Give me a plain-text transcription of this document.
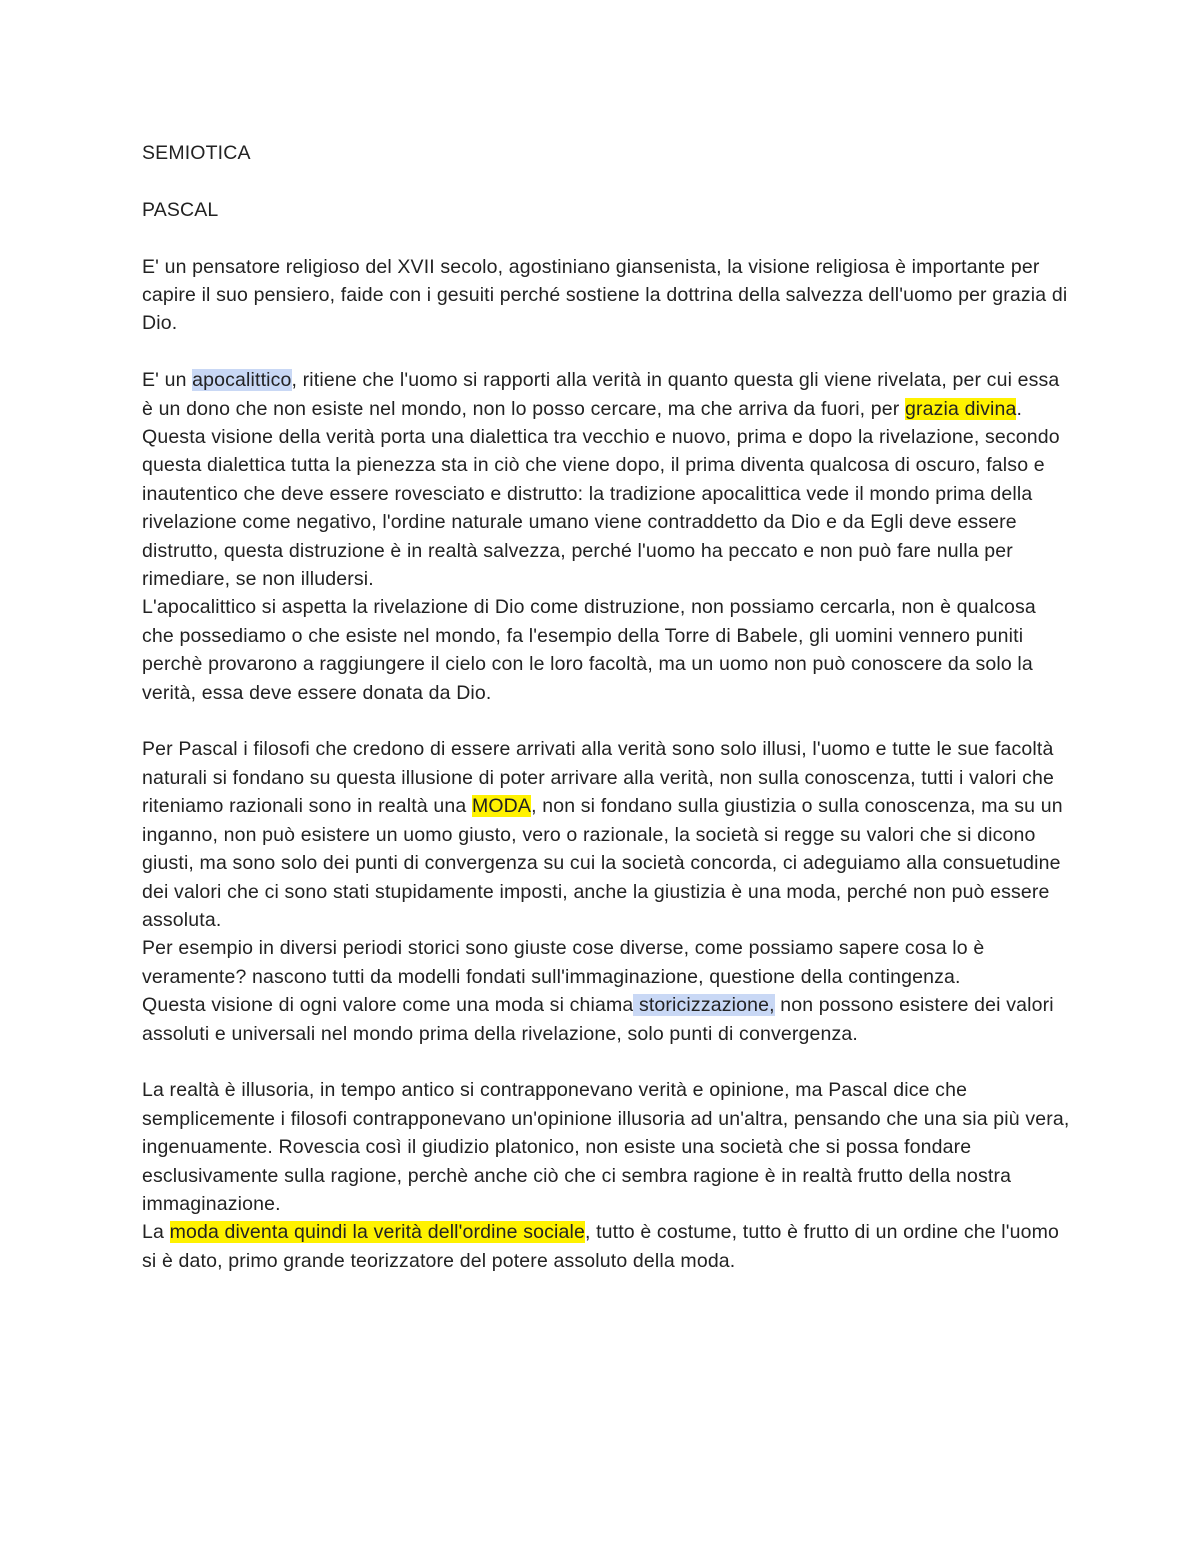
SEMIOTICA
PASCAL

E' un pensatore religioso del XVII secolo, agostiniano giansenista, la visione religiosa è importante per capire il suo pensiero, faide con i gesuiti perché sostiene la dottrina della salvezza dell'uomo per grazia di Dio.

E' un apocalittico, ritiene che l'uomo si rapporti alla verità in quanto questa gli viene rivelata, per cui essa è un dono che non esiste nel mondo, non lo posso cercare, ma che arriva da fuori, per grazia divina.

Questa visione della verità porta una dialettica tra vecchio e nuovo, prima e dopo la rivelazione, secondo questa dialettica tutta la pienezza sta in ciò che viene dopo, il prima diventa qualcosa di oscuro, falso e inautentico che deve essere rovesciato e distrutto: la tradizione apocalittica vede il mondo prima della rivelazione come negativo, l'ordine naturale umano viene contraddetto da Dio e da Egli deve essere distrutto, questa distruzione è in realtà salvezza, perché l'uomo ha peccato e non può fare nulla per rimediare, se non illudersi.

L'apocalittico si aspetta la rivelazione di Dio come distruzione, non possiamo cercarla, non è qualcosa che possediamo o che esiste nel mondo, fa l'esempio della Torre di Babele, gli uomini vennero puniti perchè provarono a raggiungere il cielo con le loro facoltà, ma un uomo non può conoscere da solo la verità, essa deve essere donata da Dio.

Per Pascal i filosofi che credono di essere arrivati alla verità sono solo illusi, l'uomo e tutte le sue facoltà naturali si fondano su questa illusione di poter arrivare alla verità, non sulla conoscenza, tutti i valori che riteniamo razionali sono in realtà una MODA, non si fondano sulla giustizia o sulla conoscenza, ma su un inganno, non può esistere un uomo giusto, vero o razionale, la società si regge su valori che si dicono giusti, ma sono solo dei punti di convergenza su cui la società concorda, ci adeguiamo alla consuetudine dei valori che ci sono stati stupidamente imposti, anche la giustizia è una moda, perché non può essere assoluta.

Per esempio in diversi periodi storici sono giuste cose diverse, come possiamo sapere cosa lo è veramente? nascono tutti da modelli fondati sull'immaginazione, questione della contingenza.

Questa visione di ogni valore come una moda si chiama storicizzazione, non possono esistere dei valori assoluti e universali nel mondo prima della rivelazione, solo punti di convergenza.

La realtà è illusoria, in tempo antico si contrapponevano verità e opinione, ma Pascal dice che semplicemente i filosofi contrapponevano un'opinione illusoria ad un'altra, pensando che una sia più vera, ingenuamente. Rovescia così il giudizio platonico, non esiste una società che si possa fondare esclusivamente sulla ragione, perchè anche ciò che ci sembra ragione è in realtà frutto della nostra immaginazione.

La moda diventa quindi la verità dell'ordine sociale, tutto è costume, tutto è frutto di un ordine che l'uomo si è dato, primo grande teorizzatore del potere assoluto della moda.
